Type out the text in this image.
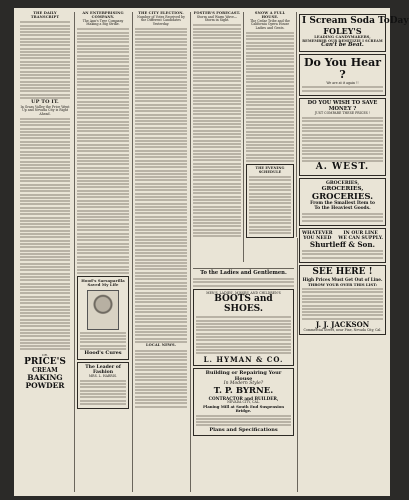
THE DAILY TRANSCRIPT

UP TO IT.

In Grass Valley the Price Went Up and Nevada City is Right Ahead.

DR.

PRICE'S

CREAM

BAKING

POWDER

AN ENTERPRISING COMPANY.

The Ann's Tree Company Making a Big Strike.

Hood's Sarsaparilla

Saved My Life

Hood's Cures

The Leader of Fashion

MRS. L. HARRIS.

THE CITY ELECTION.

Number of Votes Received by the Different Candidates Yesterday.

LOCAL NEWS.

FOSTER'S FORECAST.

Storm and Warm Wave—Storm in Sight.

SNOW A FULL HOUSE.

The Cedar Tribe and the California Opera House Ladies and Gents.

THE EVENING SCHEDULE

To the Ladies and Gentlemen.

MEN'S, LADIES', MISSES' AND CHILDREN'S

BOOTS and SHOES.

L. HYMAN & CO.

Building or Repairing Your House

In Modern Style?

T. P. BYRNE.

CONTRACTOR and BUILDER,

NEVADA CITY, CAL.

Planing Mill at South End Suspension Bridge.

Plans and Specifications

I Scream Soda ToDay

FOLEY'S

LEADING CANDYMAKERS,

REMEMBER OUR DEMITIZIE I SCREAM

Can't be Beat.

Do You Hear ?

We are at it again !!

DO YOU WISH TO SAVE MONEY ?

JUST COMPARE THESE PRICES !

A. WEST.

GROCERIES,

GROCERIES,

GROCERIES.

From the Smallest Item to

To the Heaviest Goods.

WHATEVER

YOU NEED

IN OUR LINE

WE CAN SUPPLY.

Shurtleff & Son.

SEE HERE !

High Prices Must Get Out of Line.

THROW YOUR OVER THIS LIST:

J. J. JACKSON

Commercial Street, near Pine, Nevada City, Cal.
